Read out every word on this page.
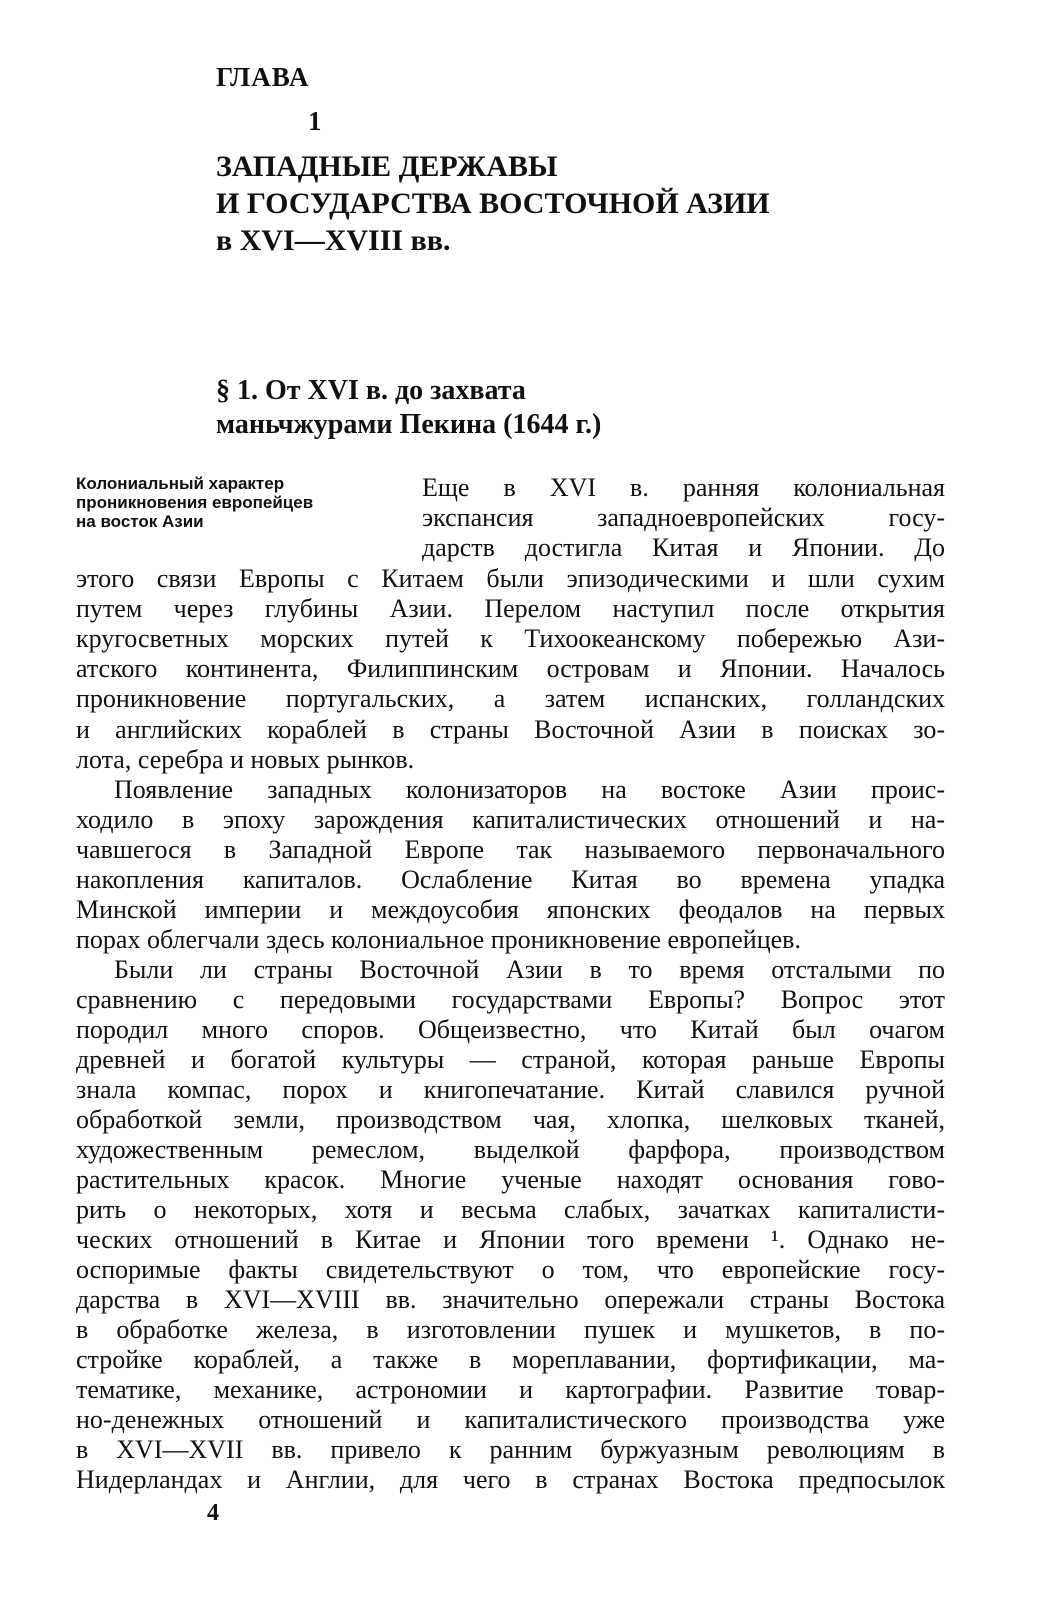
ГЛАВА
1
ЗАПАДНЫЕ ДЕРЖАВЫ
И ГОСУДАРСТВА ВОСТОЧНОЙ АЗИИ
в XVI—XVIII вв.
§ 1. От XVI в. до захвата
маньчжурами Пекина (1644 г.)
Колониальный характер
проникновения европейцев
на восток Азии
Еще в XVI в. ранняя колониальная
экспансия западноевропейских госу-
дарств достигла Китая и Японии. До
этого связи Европы с Китаем были эпизодическими и шли сухим
путем через глубины Азии. Перелом наступил после открытия
кругосветных морских путей к Тихоокеанскому побережью Ази-
атского континента, Филиппинским островам и Японии. Началось
проникновение португальских, а затем испанских, голландских
и английских кораблей в страны Восточной Азии в поисках зо-
лота, серебра и новых рынков.
Появление западных колонизаторов на востоке Азии проис-
ходило в эпоху зарождения капиталистических отношений и на-
чавшегося в Западной Европе так называемого первоначального
накопления капиталов. Ослабление Китая во времена упадка
Минской империи и междоусобия японских феодалов на первых
порах облегчали здесь колониальное проникновение европейцев.
Были ли страны Восточной Азии в то время отсталыми по
сравнению с передовыми государствами Европы? Вопрос этот
породил много споров. Общеизвестно, что Китай был очагом
древней и богатой культуры — страной, которая раньше Европы
знала компас, порох и книгопечатание. Китай славился ручной
обработкой земли, производством чая, хлопка, шелковых тканей,
художественным ремеслом, выделкой фарфора, производством
растительных красок. Многие ученые находят основания гово-
рить о некоторых, хотя и весьма слабых, зачатках капиталисти-
ческих отношений в Китае и Японии того времени ¹. Однако не-
оспоримые факты свидетельствуют о том, что европейские госу-
дарства в XVI—XVIII вв. значительно опережали страны Востока
в обработке железа, в изготовлении пушек и мушкетов, в по-
стройке кораблей, а также в мореплавании, фортификации, ма-
тематике, механике, астрономии и картографии. Развитие товар-
но-денежных отношений и капиталистического производства уже
в XVI—XVII вв. привело к ранним буржуазным революциям в
Нидерландах и Англии, для чего в странах Востока предпосылок
4
